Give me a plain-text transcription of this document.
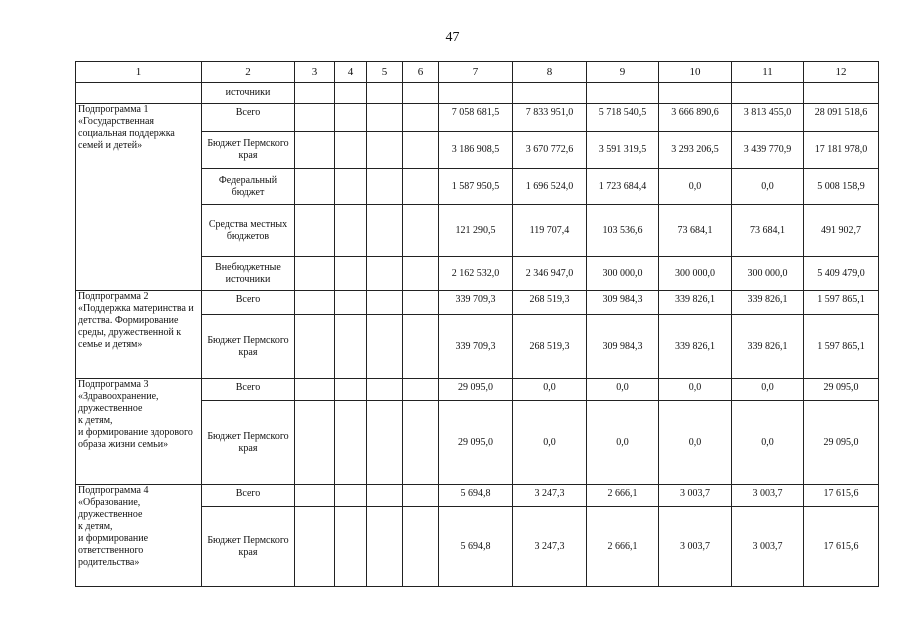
47
1	2	3	4	5	6	7	8	9	10	11	12
	источники										
Подпрограмма 1
«Государственная социальная поддержка семей и детей»	Всего					7 058 681,5	7 833 951,0	5 718 540,5	3 666 890,6	3 813 455,0	28 091 518,6
	Бюджет Пермского края					3 186 908,5	3 670 772,6	3 591 319,5	3 293 206,5	3 439 770,9	17 181 978,0
	Федеральный бюджет					1 587 950,5	1 696 524,0	1 723 684,4	0,0	0,0	5 008 158,9
	Средства местных бюджетов					121 290,5	119 707,4	103 536,6	73 684,1	73 684,1	491 902,7
	Внебюджетные источники					2 162 532,0	2 346 947,0	300 000,0	300 000,0	300 000,0	5 409 479,0
Подпрограмма 2
«Поддержка материнства и детства. Формирование среды, дружественной к семье и детям»	Всего					339 709,3	268 519,3	309 984,3	339 826,1	339 826,1	1 597 865,1
	Бюджет Пермского края					339 709,3	268 519,3	309 984,3	339 826,1	339 826,1	1 597 865,1
Подпрограмма 3
«Здравоохранение, дружественное
к детям,
и формирование здорового образа жизни семьи»	Всего					29 095,0	0,0	0,0	0,0	0,0	29 095,0
	Бюджет Пермского края					29 095,0	0,0	0,0	0,0	0,0	29 095,0
Подпрограмма 4
«Образование, дружественное
к детям,
и формирование ответственного родительства»	Всего					5 694,8	3 247,3	2 666,1	3 003,7	3 003,7	17 615,6
	Бюджет Пермского края					5 694,8	3 247,3	2 666,1	3 003,7	3 003,7	17 615,6
